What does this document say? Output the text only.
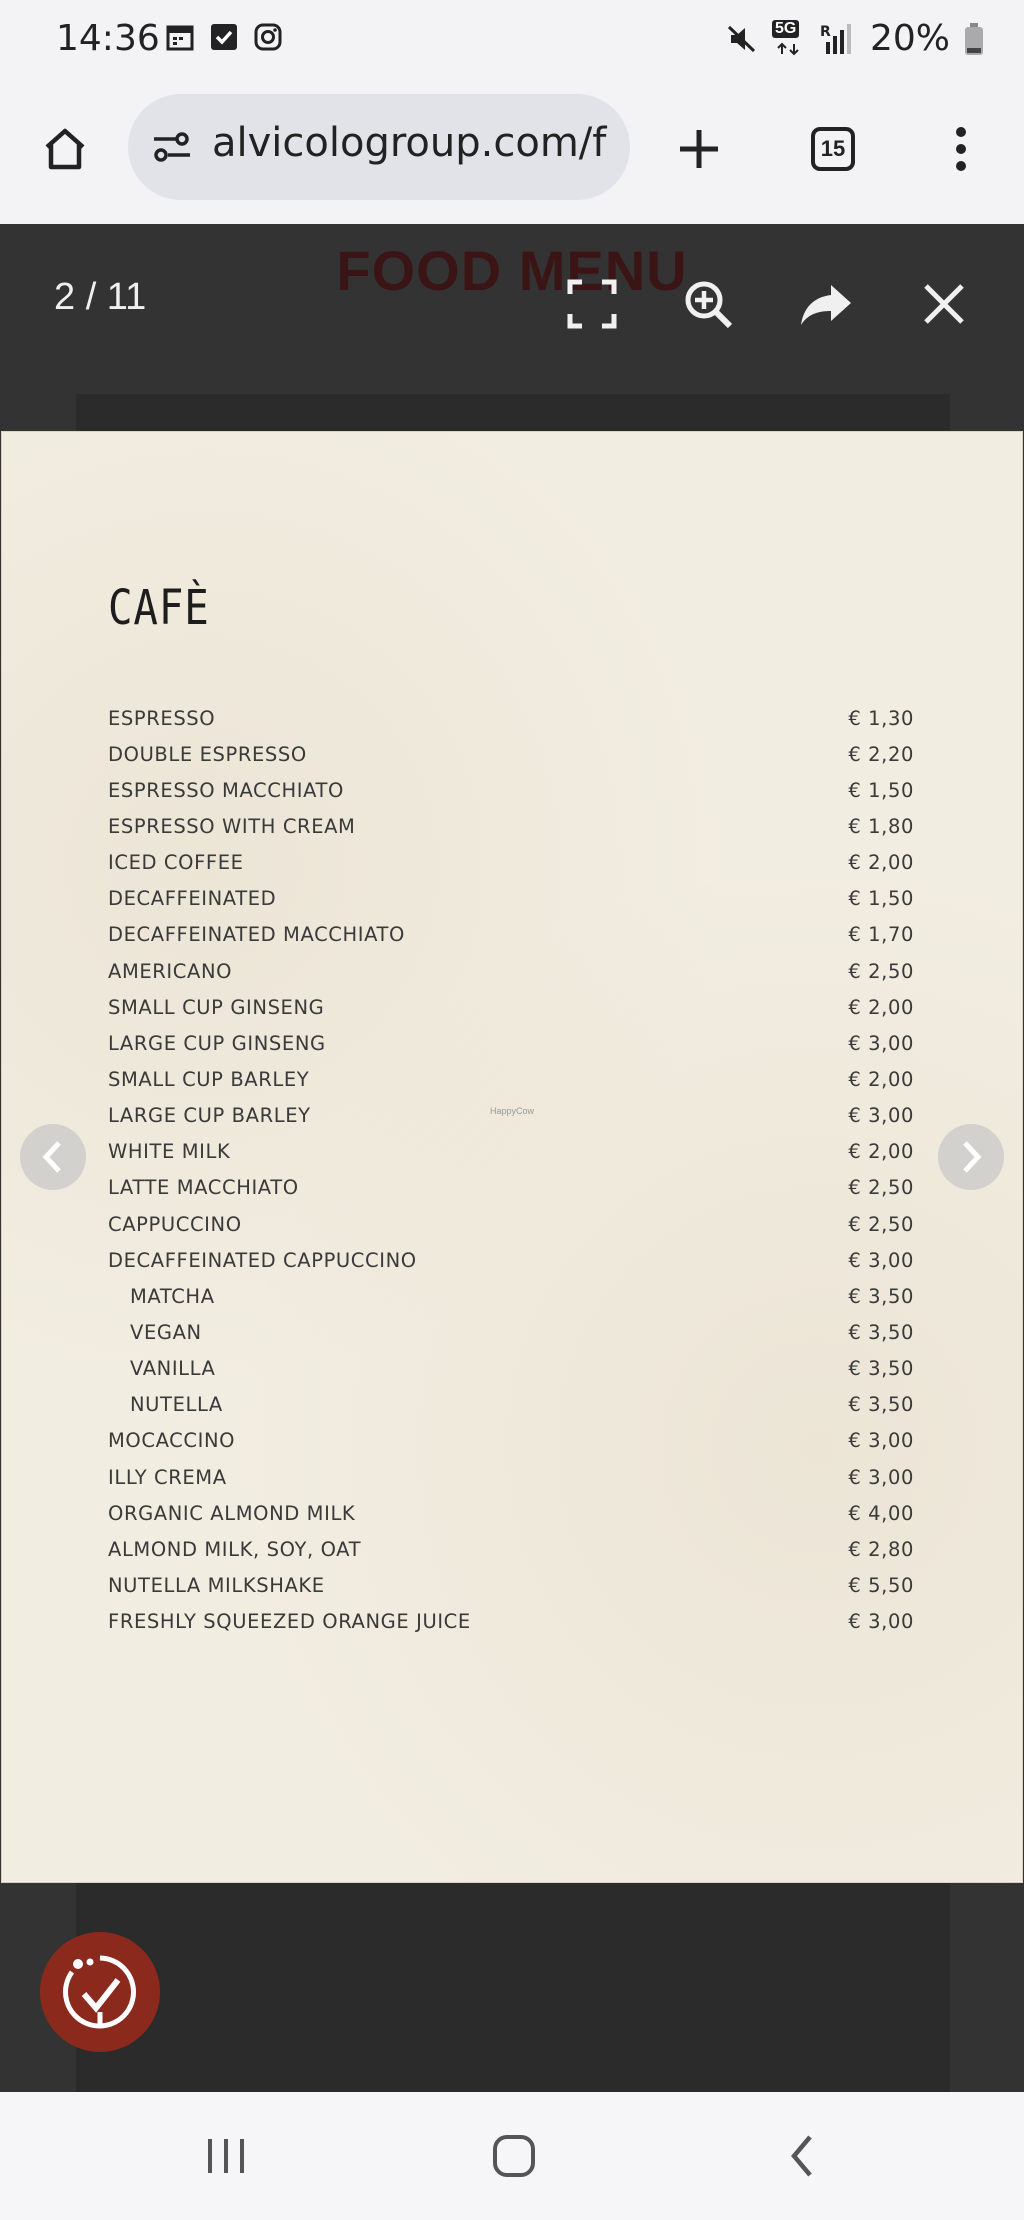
14:36	5G R 20%
alvicologroup.com/f	15
FOOD MENU
2 / 11
CAFÈ
ESPRESSO	€ 1,30
DOUBLE ESPRESSO	€ 2,20
ESPRESSO MACCHIATO	€ 1,50
ESPRESSO WITH CREAM	€ 1,80
ICED COFFEE	€ 2,00
DECAFFEINATED	€ 1,50
DECAFFEINATED MACCHIATO	€ 1,70
AMERICANO	€ 2,50
SMALL CUP GINSENG	€ 2,00
LARGE CUP GINSENG	€ 3,00
SMALL CUP BARLEY	€ 2,00
LARGE CUP BARLEY	€ 3,00
WHITE MILK	€ 2,00
LATTE MACCHIATO	€ 2,50
CAPPUCCINO	€ 2,50
DECAFFEINATED CAPPUCCINO	€ 3,00
MATCHA	€ 3,50
VEGAN	€ 3,50
VANILLA	€ 3,50
NUTELLA	€ 3,50
MOCACCINO	€ 3,00
ILLY CREMA	€ 3,00
ORGANIC ALMOND MILK	€ 4,00
ALMOND MILK, SOY, OAT	€ 2,80
NUTELLA MILKSHAKE	€ 5,50
FRESHLY SQUEEZED ORANGE JUICE	€ 3,00
HappyCow
